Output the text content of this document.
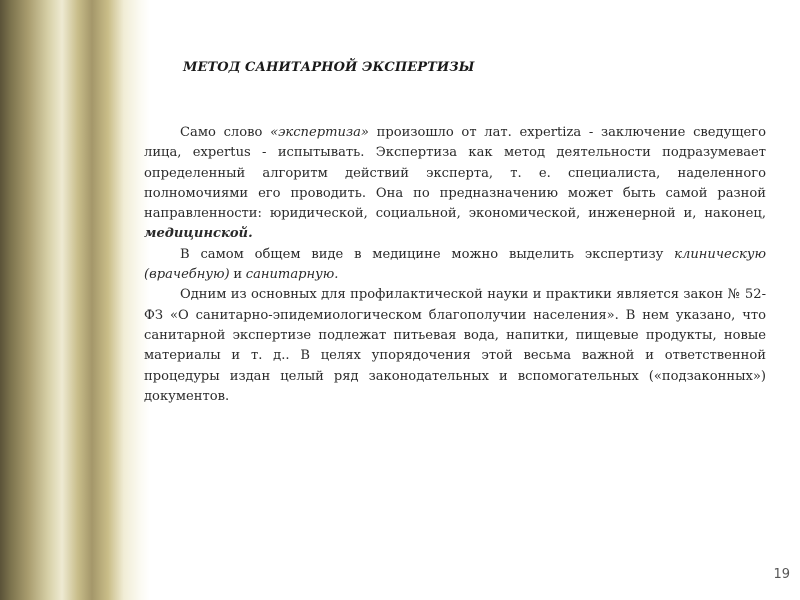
МЕТОД САНИТАРНОЙ ЭКСПЕРТИЗЫ

Само слово «экспертиза» произошло от лат. expertiza - заключение сведущего лица, expertus - испытывать. Экспертиза как метод деятельности подразумевает определенный алгоритм действий эксперта, т. е. специалиста, наделенного полномочиями его проводить. Она по предназначению может быть самой разной направленности: юридической, социальной, экономической, инженерной и, наконец, медицинской.

В самом общем виде в медицине можно выделить экспертизу клиническую (врачебную) и санитарную.

Одним из основных для профилактической науки и практики является закон № 52-ФЗ «О санитарно-эпидемиологическом благополучии населения». В нем указано, что санитарной экспертизе подлежат питьевая вода, напитки, пищевые продукты, новые материалы и т. д.. В целях упорядочения этой весьма важной и ответственной процедуры издан целый ряд законодательных и вспомогательных («подзаконных») документов.

19
